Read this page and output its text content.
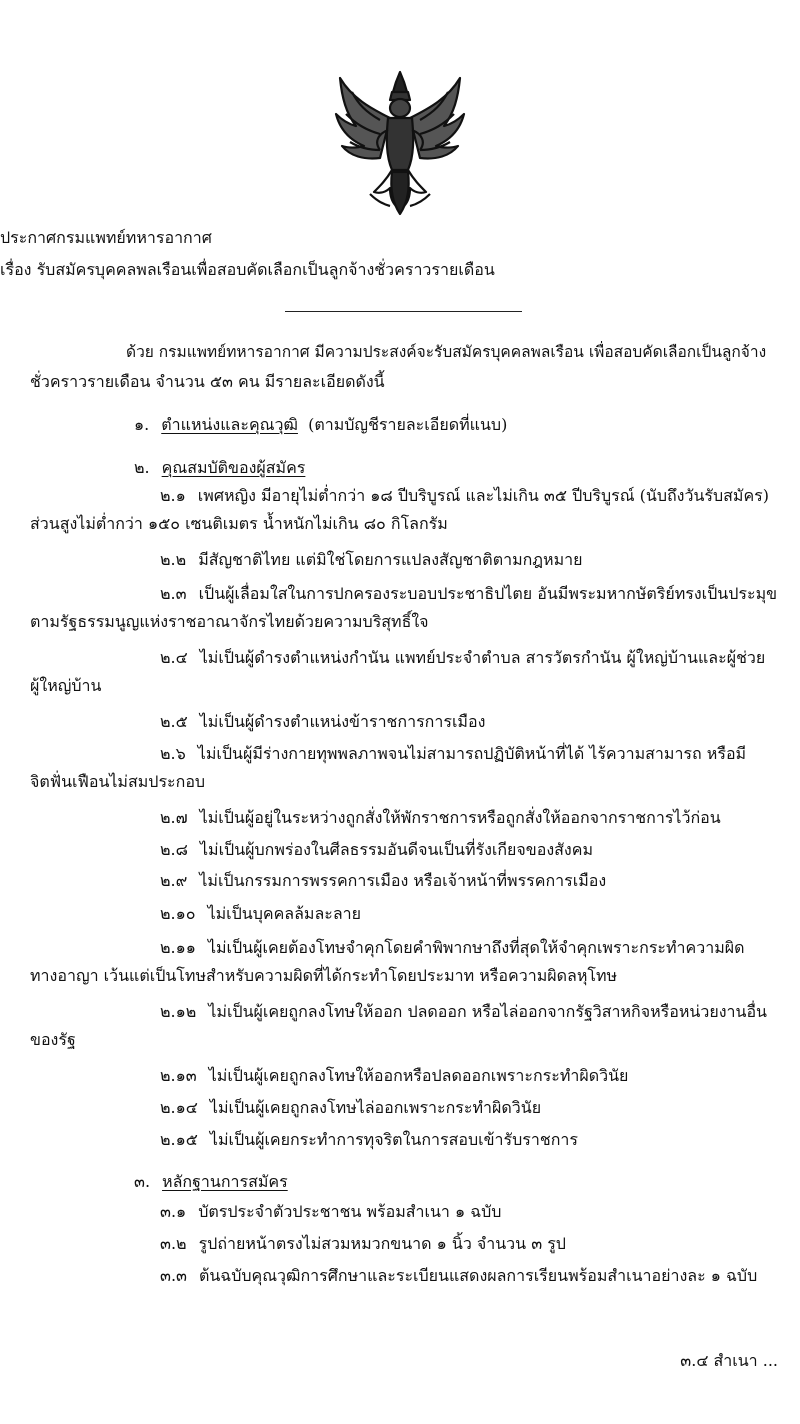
ประกาศกรมแพทย์ทหารอากาศ
เรื่อง รับสมัครบุคคลพลเรือนเพื่อสอบคัดเลือกเป็นลูกจ้างชั่วคราวรายเดือน
ด้วย กรมแพทย์ทหารอากาศ มีความประสงค์จะรับสมัครบุคคลพลเรือน เพื่อสอบคัดเลือกเป็นลูกจ้าง
ชั่วคราวรายเดือน จำนวน ๕๓ คน มีรายละเอียดดังนี้
๑. ตำแหน่งและคุณวุฒิ (ตามบัญชีรายละเอียดที่แนบ)
๒. คุณสมบัติของผู้สมัคร
๒.๑ เพศหญิง มีอายุไม่ต่ำกว่า ๑๘ ปีบริบูรณ์ และไม่เกิน ๓๕ ปีบริบูรณ์ (นับถึงวันรับสมัคร)
ส่วนสูงไม่ต่ำกว่า ๑๕๐ เซนติเมตร น้ำหนักไม่เกิน ๘๐ กิโลกรัม
๒.๒ มีสัญชาติไทย แต่มิใช่โดยการแปลงสัญชาติตามกฎหมาย
๒.๓ เป็นผู้เลื่อมใสในการปกครองระบอบประชาธิปไตย อันมีพระมหากษัตริย์ทรงเป็นประมุข
ตามรัฐธรรมนูญแห่งราชอาณาจักรไทยด้วยความบริสุทธิ์ใจ
๒.๔ ไม่เป็นผู้ดำรงตำแหน่งกำนัน แพทย์ประจำตำบล สารวัตรกำนัน ผู้ใหญ่บ้านและผู้ช่วย
ผู้ใหญ่บ้าน
๒.๕ ไม่เป็นผู้ดำรงตำแหน่งข้าราชการการเมือง
๒.๖ ไม่เป็นผู้มีร่างกายทุพพลภาพจนไม่สามารถปฏิบัติหน้าที่ได้ ไร้ความสามารถ หรือมี
จิตฟั่นเฟือนไม่สมประกอบ
๒.๗ ไม่เป็นผู้อยู่ในระหว่างถูกสั่งให้พักราชการหรือถูกสั่งให้ออกจากราชการไว้ก่อน
๒.๘ ไม่เป็นผู้บกพร่องในศีลธรรมอันดีจนเป็นที่รังเกียจของสังคม
๒.๙ ไม่เป็นกรรมการพรรคการเมือง หรือเจ้าหน้าที่พรรคการเมือง
๒.๑๐ ไม่เป็นบุคคลล้มละลาย
๒.๑๑ ไม่เป็นผู้เคยต้องโทษจำคุกโดยคำพิพากษาถึงที่สุดให้จำคุกเพราะกระทำความผิด
ทางอาญา เว้นแต่เป็นโทษสำหรับความผิดที่ได้กระทำโดยประมาท หรือความผิดลหุโทษ
๒.๑๒ ไม่เป็นผู้เคยถูกลงโทษให้ออก ปลดออก หรือไล่ออกจากรัฐวิสาหกิจหรือหน่วยงานอื่น
ของรัฐ
๒.๑๓ ไม่เป็นผู้เคยถูกลงโทษให้ออกหรือปลดออกเพราะกระทำผิดวินัย
๒.๑๔ ไม่เป็นผู้เคยถูกลงโทษไล่ออกเพราะกระทำผิดวินัย
๒.๑๕ ไม่เป็นผู้เคยกระทำการทุจริตในการสอบเข้ารับราชการ
๓. หลักฐานการสมัคร
๓.๑ บัตรประจำตัวประชาชน พร้อมสำเนา ๑ ฉบับ
๓.๒ รูปถ่ายหน้าตรงไม่สวมหมวกขนาด ๑ นิ้ว จำนวน ๓ รูป
๓.๓ ต้นฉบับคุณวุฒิการศึกษาและระเบียนแสดงผลการเรียนพร้อมสำเนาอย่างละ ๑ ฉบับ
๓.๔ สำเนา ...
